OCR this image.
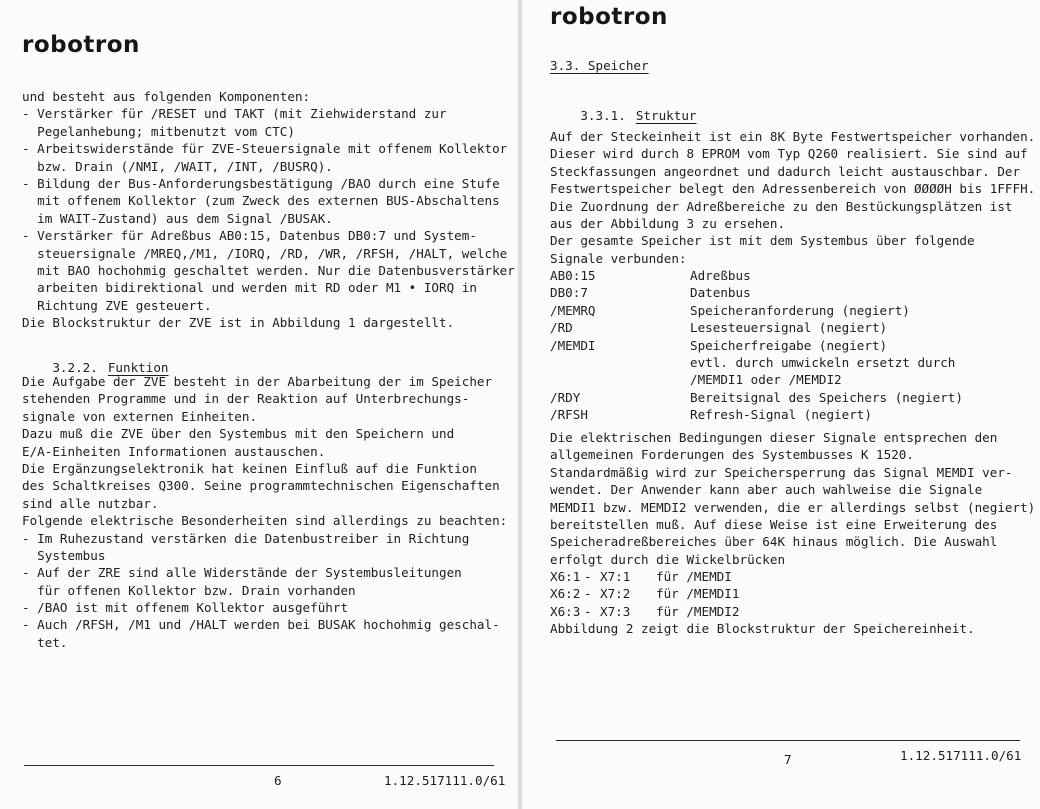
robotron
und besteht aus folgenden Komponenten:
- Verstärker für /RESET und TAKT (mit Ziehwiderstand zur
Pegelanhebung; mitbenutzt vom CTC)
- Arbeitswiderstände für ZVE-Steuersignale mit offenem Kollektor
bzw. Drain (/NMI, /WAIT, /INT, /BUSRQ).
- Bildung der Bus-Anforderungsbestätigung /BAO durch eine Stufe
mit offenem Kollektor (zum Zweck des externen BUS-Abschaltens
im WAIT-Zustand) aus dem Signal /BUSAK.
- Verstärker für Adreßbus AB0:15, Datenbus DB0:7 und System-
steuersignale /MREQ,/M1, /IORQ, /RD, /WR, /RFSH, /HALT, welche
mit BAO hochohmig geschaltet werden. Nur die Datenbusverstärker
arbeiten bidirektional und werden mit RD oder M1 • IORQ in
Richtung ZVE gesteuert.
Die Blockstruktur der ZVE ist in Abbildung 1 dargestellt.

3.2.2. Funktion

Die Aufgabe der ZVE besteht in der Abarbeitung der im Speicher
stehenden Programme und in der Reaktion auf Unterbrechungs-
signale von externen Einheiten.
Dazu muß die ZVE über den Systembus mit den Speichern und
E/A-Einheiten Informationen austauschen.
Die Ergänzungselektronik hat keinen Einfluß auf die Funktion
des Schaltkreises Q300. Seine programmtechnischen Eigenschaften
sind alle nutzbar.
Folgende elektrische Besonderheiten sind allerdings zu beachten:
- Im Ruhezustand verstärken die Datenbustreiber in Richtung
Systembus
- Auf der ZRE sind alle Widerstände der Systembusleitungen
für offenen Kollektor bzw. Drain vorhanden
- /BAO ist mit offenem Kollektor ausgeführt
- Auch /RFSH, /M1 und /HALT werden bei BUSAK hochohmig geschal-
tet.
6	1.12.517111.0/61
robotron
3.3. Speicher

3.3.1. Struktur

Auf der Steckeinheit ist ein 8K Byte Festwertspeicher vorhanden.
Dieser wird durch 8 EPROM vom Typ Q260 realisiert. Sie sind auf
Steckfassungen angeordnet und dadurch leicht austauschbar. Der
Festwertspeicher belegt den Adressenbereich von ØØØØH bis 1FFFH.
Die Zuordnung der Adreßbereiche zu den Bestückungsplätzen ist
aus der Abbildung 3 zu ersehen.
Der gesamte Speicher ist mit dem Systembus über folgende
Signale verbunden:
AB0:15	Adreßbus
DB0:7	Datenbus
/MEMRQ	Speicheranforderung (negiert)
/RD	Lesesteuersignal (negiert)
/MEMDI	Speicherfreigabe (negiert)
evtl. durch umwickeln ersetzt durch
/MEMDI1 oder /MEMDI2
/RDY	Bereitsignal des Speichers (negiert)
/RFSH	Refresh-Signal (negiert)
Die elektrischen Bedingungen dieser Signale entsprechen den
allgemeinen Forderungen des Systembusses K 1520.
Standardmäßig wird zur Speichersperrung das Signal MEMDI ver-
wendet. Der Anwender kann aber auch wahlweise die Signale
MEMDI1 bzw. MEMDI2 verwenden, die er allerdings selbst (negiert)
bereitstellen muß. Auf diese Weise ist eine Erweiterung des
Speicheradreßbereiches über 64K hinaus möglich. Die Auswahl
erfolgt durch die Wickelbrücken
X6:1 - X7:1 für /MEMDI
X6:2 - X7:2 für /MEMDI1
X6:3 - X7:3 für /MEMDI2
Abbildung 2 zeigt die Blockstruktur der Speichereinheit.
7	1.12.517111.0/61
